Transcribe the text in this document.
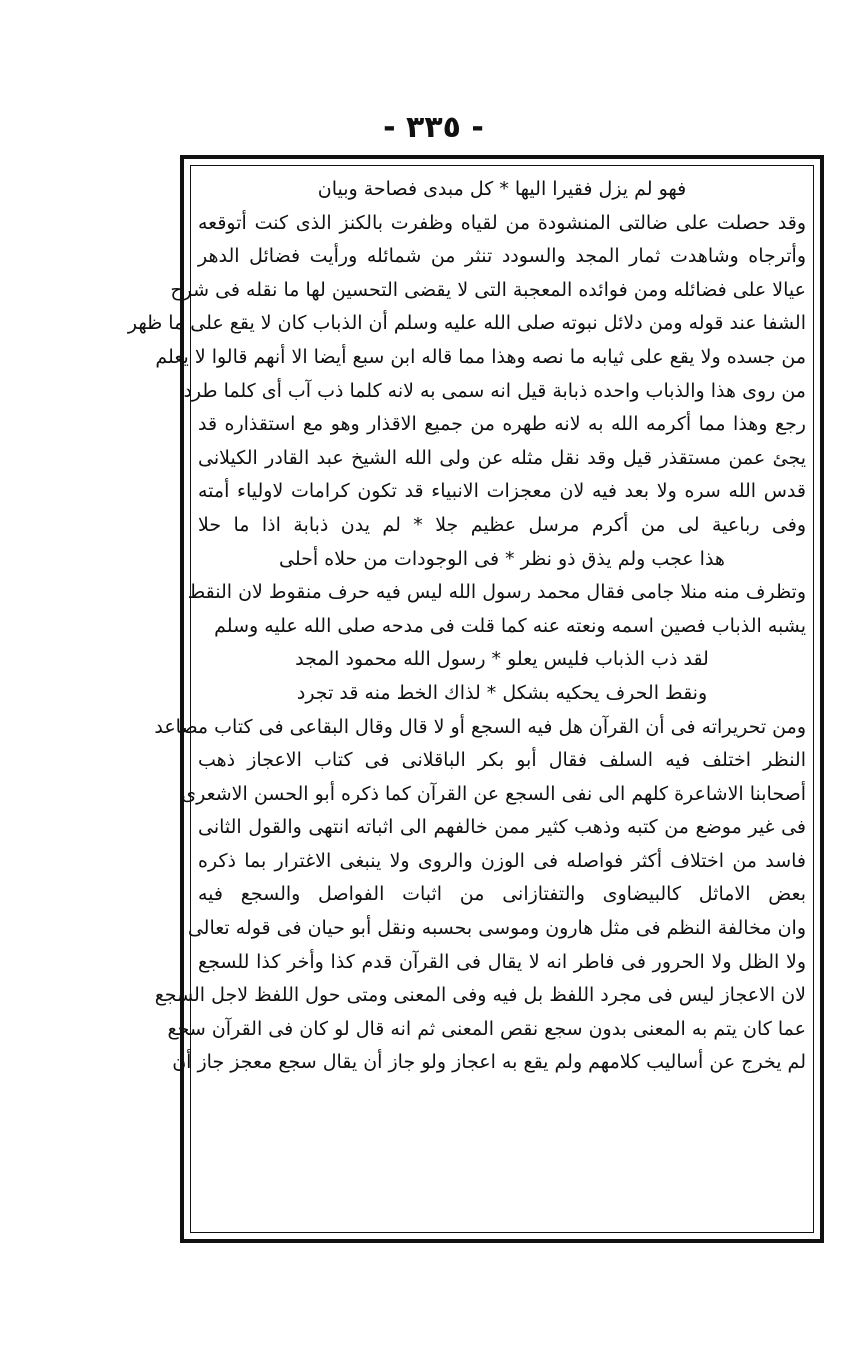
- ٣٣٥ -
فهو لم يزل فقيرا اليها * كل مبدى فصاحة وبيان
وقد حصلت على ضالتى المنشودة من لقياه وظفرت بالكنز الذى كنت أتوقعه
وأترجاه وشاهدت ثمار المجد والسودد تنثر من شمائله ورأيت فضائل الدهر
عيالا على فضائله ومن فوائده المعجبة التى لا يقضى التحسين لها ما نقله فى شرح
الشفا عند قوله ومن دلائل نبوته صلى الله عليه وسلم أن الذباب كان لا يقع على ما ظهر
من جسده ولا يقع على ثيابه ما نصه وهذا مما قاله ابن سبع أيضا الا أنهم قالوا لا يعلم
من روى هذا والذباب واحده ذبابة قيل انه سمى به لانه كلما ذب آب أى كلما طرد
رجع وهذا مما أكرمه الله به لانه طهره من جميع الاقذار وهو مع استقذاره قد
يجئ عمن مستقذر قيل وقد نقل مثله عن ولى الله الشيخ عبد القادر الكيلانى
قدس الله سره ولا بعد فيه لان معجزات الانبياء قد تكون كرامات لاولياء أمته
وفى رباعية لى من أكرم مرسل عظيم جلا * لم يدن ذبابة اذا ما حلا
هذا عجب ولم يذق ذو نظر * فى الوجودات من حلاه أحلى
وتظرف منه منلا جامى فقال محمد رسول الله ليس فيه حرف منقوط لان النقط
يشبه الذباب فصين اسمه ونعته عنه كما قلت فى مدحه صلى الله عليه وسلم
لقد ذب الذباب فليس يعلو * رسول الله محمود المجد
ونقط الحرف يحكيه بشكل * لذاك الخط منه قد تجرد
ومن تحريراته فى أن القرآن هل فيه السجع أو لا قال وقال البقاعى فى كتاب مصاعد
النظر اختلف فيه السلف فقال أبو بكر الباقلانى فى كتاب الاعجاز ذهب
أصحابنا الاشاعرة كلهم الى نفى السجع عن القرآن كما ذكره أبو الحسن الاشعرى
فى غير موضع من كتبه وذهب كثير ممن خالفهم الى اثباته انتهى والقول الثانى
فاسد من اختلاف أكثر فواصله فى الوزن والروى ولا ينبغى الاغترار بما ذكره
بعض الاماثل كالبيضاوى والتفتازانى من اثبات الفواصل والسجع فيه
وان مخالفة النظم فى مثل هارون وموسى بحسبه ونقل أبو حيان فى قوله تعالى
ولا الظل ولا الحرور فى فاطر انه لا يقال فى القرآن قدم كذا وأخر كذا للسجع
لان الاعجاز ليس فى مجرد اللفظ بل فيه وفى المعنى ومتى حول اللفظ لاجل السجع
عما كان يتم به المعنى بدون سجع نقص المعنى ثم انه قال لو كان فى القرآن سجع
لم يخرج عن أساليب كلامهم ولم يقع به اعجاز ولو جاز أن يقال سجع معجز جاز أن
